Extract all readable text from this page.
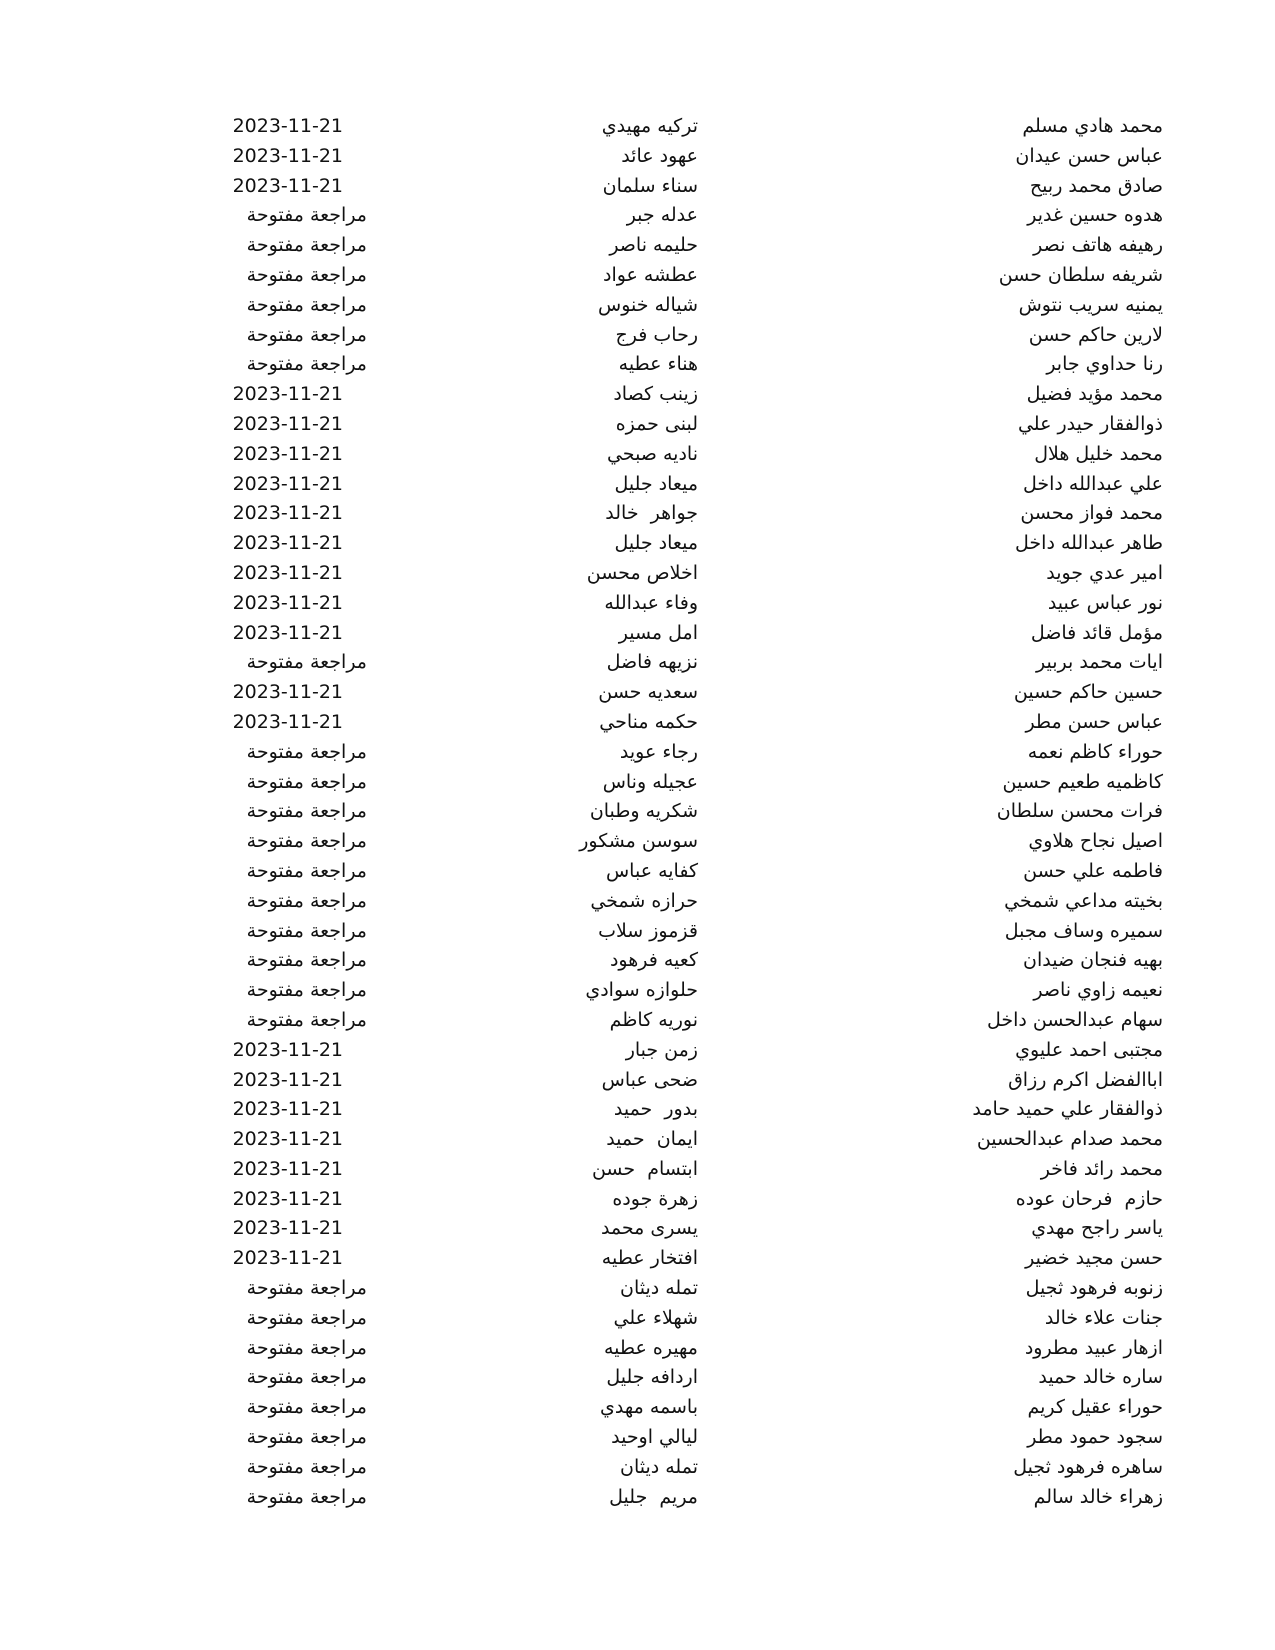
محمد هادي مسلم
تركيه مهيدي
2023-11-21
عباس حسن عيدان
عهود عائد
2023-11-21
صادق محمد ربيح
سناء سلمان
2023-11-21
هدوه حسين غدير
عدله جبر
مراجعة مفتوحة
رهيفه هاتف نصر
حليمه ناصر
مراجعة مفتوحة
شريفه سلطان حسن
عطشه عواد
مراجعة مفتوحة
يمنيه سريب نتوش
شياله خنوس
مراجعة مفتوحة
لارين حاكم حسن
رحاب فرج
مراجعة مفتوحة
رنا حداوي جابر
هناء عطيه
مراجعة مفتوحة
محمد مؤيد فضيل
زينب كصاد
2023-11-21
ذوالفقار حيدر علي
لبنى حمزه
2023-11-21
محمد خليل هلال
ناديه صبحي
2023-11-21
علي عبدالله داخل
ميعاد جليل
2023-11-21
محمد فواز محسن
جواهر  خالد
2023-11-21
طاهر عبدالله داخل
ميعاد جليل
2023-11-21
امير عدي جويد
اخلاص محسن
2023-11-21
نور عباس عبيد
وفاء عبدالله
2023-11-21
مؤمل قائد فاضل
امل مسير
2023-11-21
ايات محمد بربير
نزيهه فاضل
مراجعة مفتوحة
حسين حاكم حسين
سعديه حسن
2023-11-21
عباس حسن مطر
حكمه مناحي
2023-11-21
حوراء كاظم نعمه
رجاء عويد
مراجعة مفتوحة
كاظميه طعيم حسين
عجيله وناس
مراجعة مفتوحة
فرات محسن سلطان
شكريه وطبان
مراجعة مفتوحة
اصيل نجاح هلاوي
سوسن مشكور
مراجعة مفتوحة
فاطمه علي حسن
كفايه عباس
مراجعة مفتوحة
بخيته مداعي شمخي
حرازه شمخي
مراجعة مفتوحة
سميره وساف مجبل
قزموز سلاب
مراجعة مفتوحة
بهيه فنجان ضيدان
كعيه فرهود
مراجعة مفتوحة
نعيمه زاوي ناصر
حلوازه سوادي
مراجعة مفتوحة
سهام عبدالحسن داخل
نوريه كاظم
مراجعة مفتوحة
مجتبى احمد عليوي
زمن جبار
2023-11-21
اباالفضل اكرم رزاق
ضحى عباس
2023-11-21
ذوالفقار علي حميد حامد
بدور  حميد
2023-11-21
محمد صدام عبدالحسين
ايمان  حميد
2023-11-21
محمد رائد فاخر
ابتسام  حسن
2023-11-21
حازم  فرحان عوده
زهرة جوده
2023-11-21
ياسر راجح مهدي
يسرى محمد
2023-11-21
حسن مجيد خضير
افتخار عطيه
2023-11-21
زنوبه فرهود ثجيل
تمله ديثان
مراجعة مفتوحة
جنات علاء خالد
شهلاء علي
مراجعة مفتوحة
ازهار عبيد مطرود
مهيره عطيه
مراجعة مفتوحة
ساره خالد حميد
اردافه جليل
مراجعة مفتوحة
حوراء عقيل كريم
باسمه مهدي
مراجعة مفتوحة
سجود حمود مطر
ليالي اوحيد
مراجعة مفتوحة
ساهره فرهود ثجيل
تمله ديثان
مراجعة مفتوحة
زهراء خالد سالم
مريم  جليل
مراجعة مفتوحة
